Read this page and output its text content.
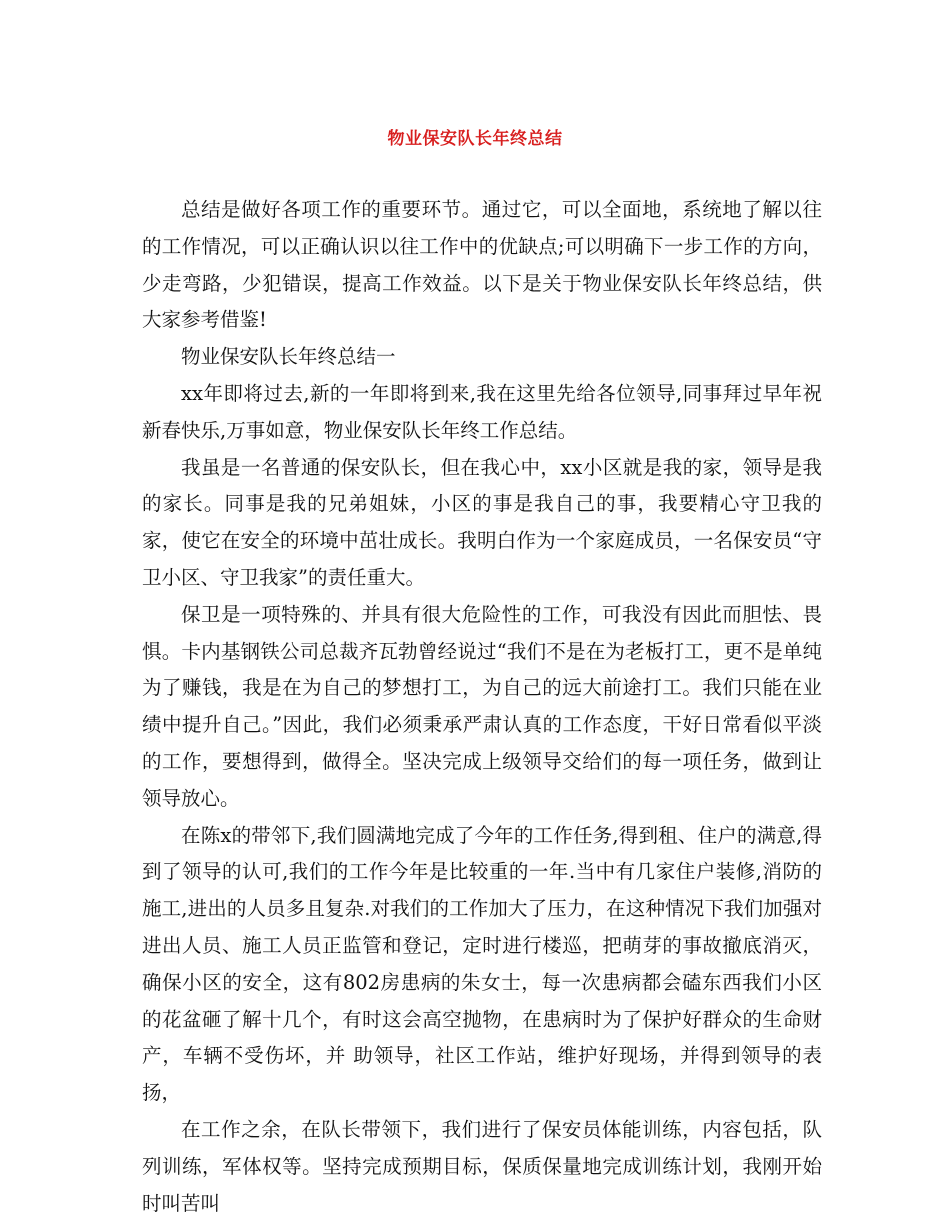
物业保安队长年终总结

总结是做好各项工作的重要环节。通过它，可以全面地，系统地了解以往的工作情况，可以正确认识以往工作中的优缺点;可以明确下一步工作的方向，少走弯路，少犯错误，提高工作效益。以下是关于物业保安队长年终总结，供大家参考借鉴!

物业保安队长年终总结一

xx年即将过去,新的一年即将到来,我在这里先给各位领导,同事拜过早年祝新春快乐,万事如意，物业保安队长年终工作总结。

我虽是一名普通的保安队长，但在我心中，xx小区就是我的家，领导是我的家长。同事是我的兄弟姐妹，小区的事是我自己的事，我要精心守卫我的家，使它在安全的环境中茁壮成长。我明白作为一个家庭成员，一名保安员“守卫小区、守卫我家”的责任重大。

保卫是一项特殊的、并具有很大危险性的工作，可我没有因此而胆怯、畏惧。卡内基钢铁公司总裁齐瓦勃曾经说过“我们不是在为老板打工，更不是单纯为了赚钱，我是在为自己的梦想打工，为自己的远大前途打工。我们只能在业绩中提升自己。”因此，我们必须秉承严肃认真的工作态度，干好日常看似平淡的工作，要想得到，做得全。坚决完成上级领导交给们的每一项任务，做到让领导放心。

在陈x的带邻下,我们圆满地完成了今年的工作任务,得到租、住户的满意,得到了领导的认可,我们的工作今年是比较重的一年.当中有几家住户装修,消防的施工,进出的人员多且复杂.对我们的工作加大了压力，在这种情况下我们加强对进出人员、施工人员正监管和登记，定时进行楼巡，把萌芽的事故撤底消灭，确保小区的安全，这有802房患病的朱女士，每一次患病都会磕东西我们小区的花盆砸了解十几个，有时这会高空抛物，在患病时为了保护好群众的生命财产，车辆不受伤坏，并 助领导，社区工作站，维护好现场，并得到领导的表扬，

在工作之余，在队长带领下，我们进行了保安员体能训练，内容包括，队列训练，军体权等。坚持完成预期目标，保质保量地完成训练计划，我刚开始时叫苦叫
